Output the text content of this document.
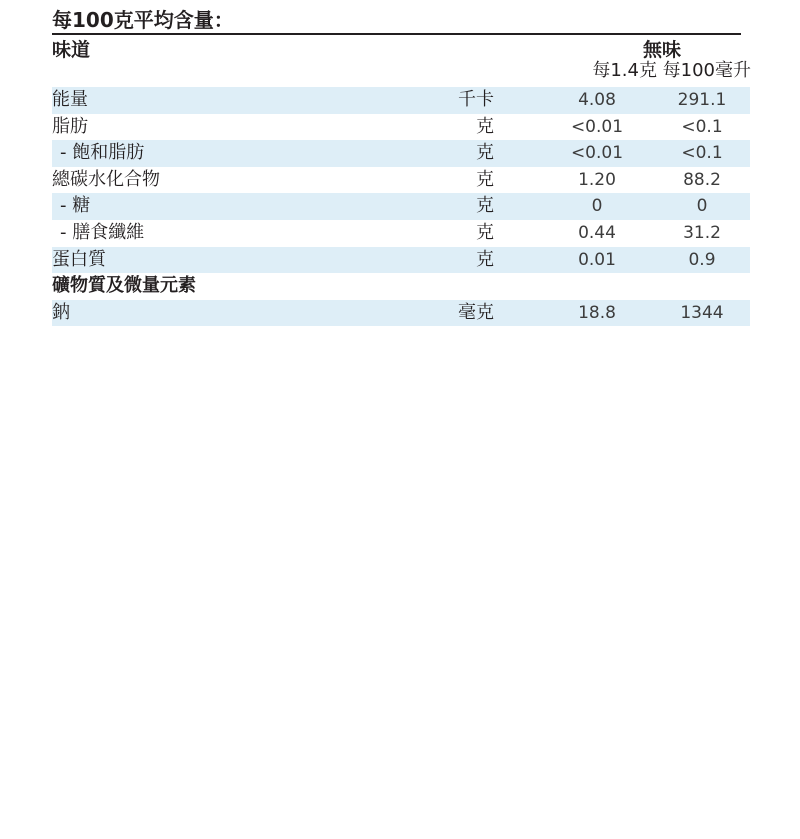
每100克平均含量：
味道	無味
每1.4克 每100毫升
能量	千卡	4.08	291.1
脂肪	克	<0.01	<0.1
- 飽和脂肪	克	<0.01	<0.1
總碳水化合物	克	1.20	88.2
- 糖	克	0	0
- 膳食纖維	克	0.44	31.2
蛋白質	克	0.01	0.9
礦物質及微量元素
鈉	毫克	18.8	1344
